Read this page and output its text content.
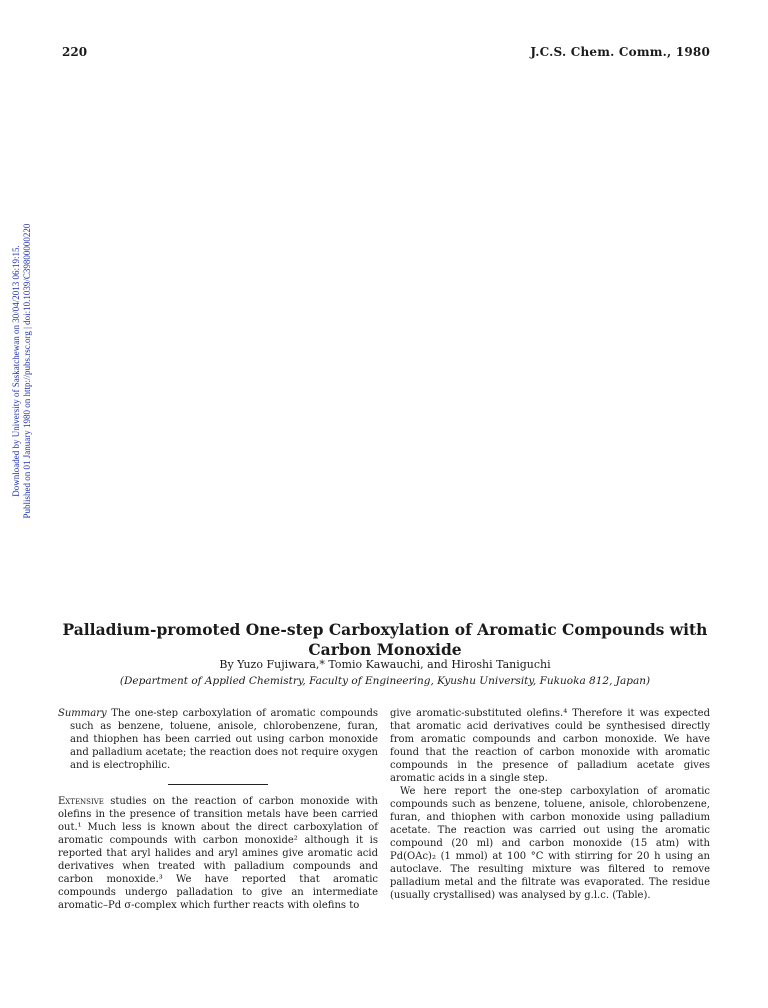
220	J.C.S. Chem. Comm., 1980
Downloaded by University of Saskatchewan on 30/04/2013 06:19:15. Published on 01 January 1980 on http://pubs.rsc.org | doi:10.1039/C39800000220
Palladium-promoted One-step Carboxylation of Aromatic Compounds with Carbon Monoxide
By Yuzo Fujiwara,* Tomio Kawauchi, and Hiroshi Taniguchi
(Department of Applied Chemistry, Faculty of Engineering, Kyushu University, Fukuoka 812, Japan)

Summary The one-step carboxylation of aromatic compounds such as benzene, toluene, anisole, chlorobenzene, furan, and thiophen has been carried out using carbon monoxide and palladium acetate; the reaction does not require oxygen and is electrophilic.

Extensive studies on the reaction of carbon monoxide with olefins in the presence of transition metals have been carried out.¹ Much less is known about the direct carboxylation of aromatic compounds with carbon monoxide² although it is reported that aryl halides and aryl amines give aromatic acid derivatives when treated with palladium compounds and carbon monoxide.³ We have reported that aromatic compounds undergo palladation to give an intermediate aromatic–Pd σ-complex which further reacts with olefins to

give aromatic-substituted olefins.⁴ Therefore it was expected that aromatic acid derivatives could be synthesised directly from aromatic compounds and carbon monoxide. We have found that the reaction of carbon monoxide with aromatic compounds in the presence of palladium acetate gives aromatic acids in a single step.

We here report the one-step carboxylation of aromatic compounds such as benzene, toluene, anisole, chlorobenzene, furan, and thiophen with carbon monoxide using palladium acetate. The reaction was carried out using the aromatic compound (20 ml) and carbon monoxide (15 atm) with Pd(OAc)₂ (1 mmol) at 100 °C with stirring for 20 h using an autoclave. The resulting mixture was filtered to remove palladium metal and the filtrate was evaporated. The residue (usually crystallised) was analysed by g.l.c. (Table).
